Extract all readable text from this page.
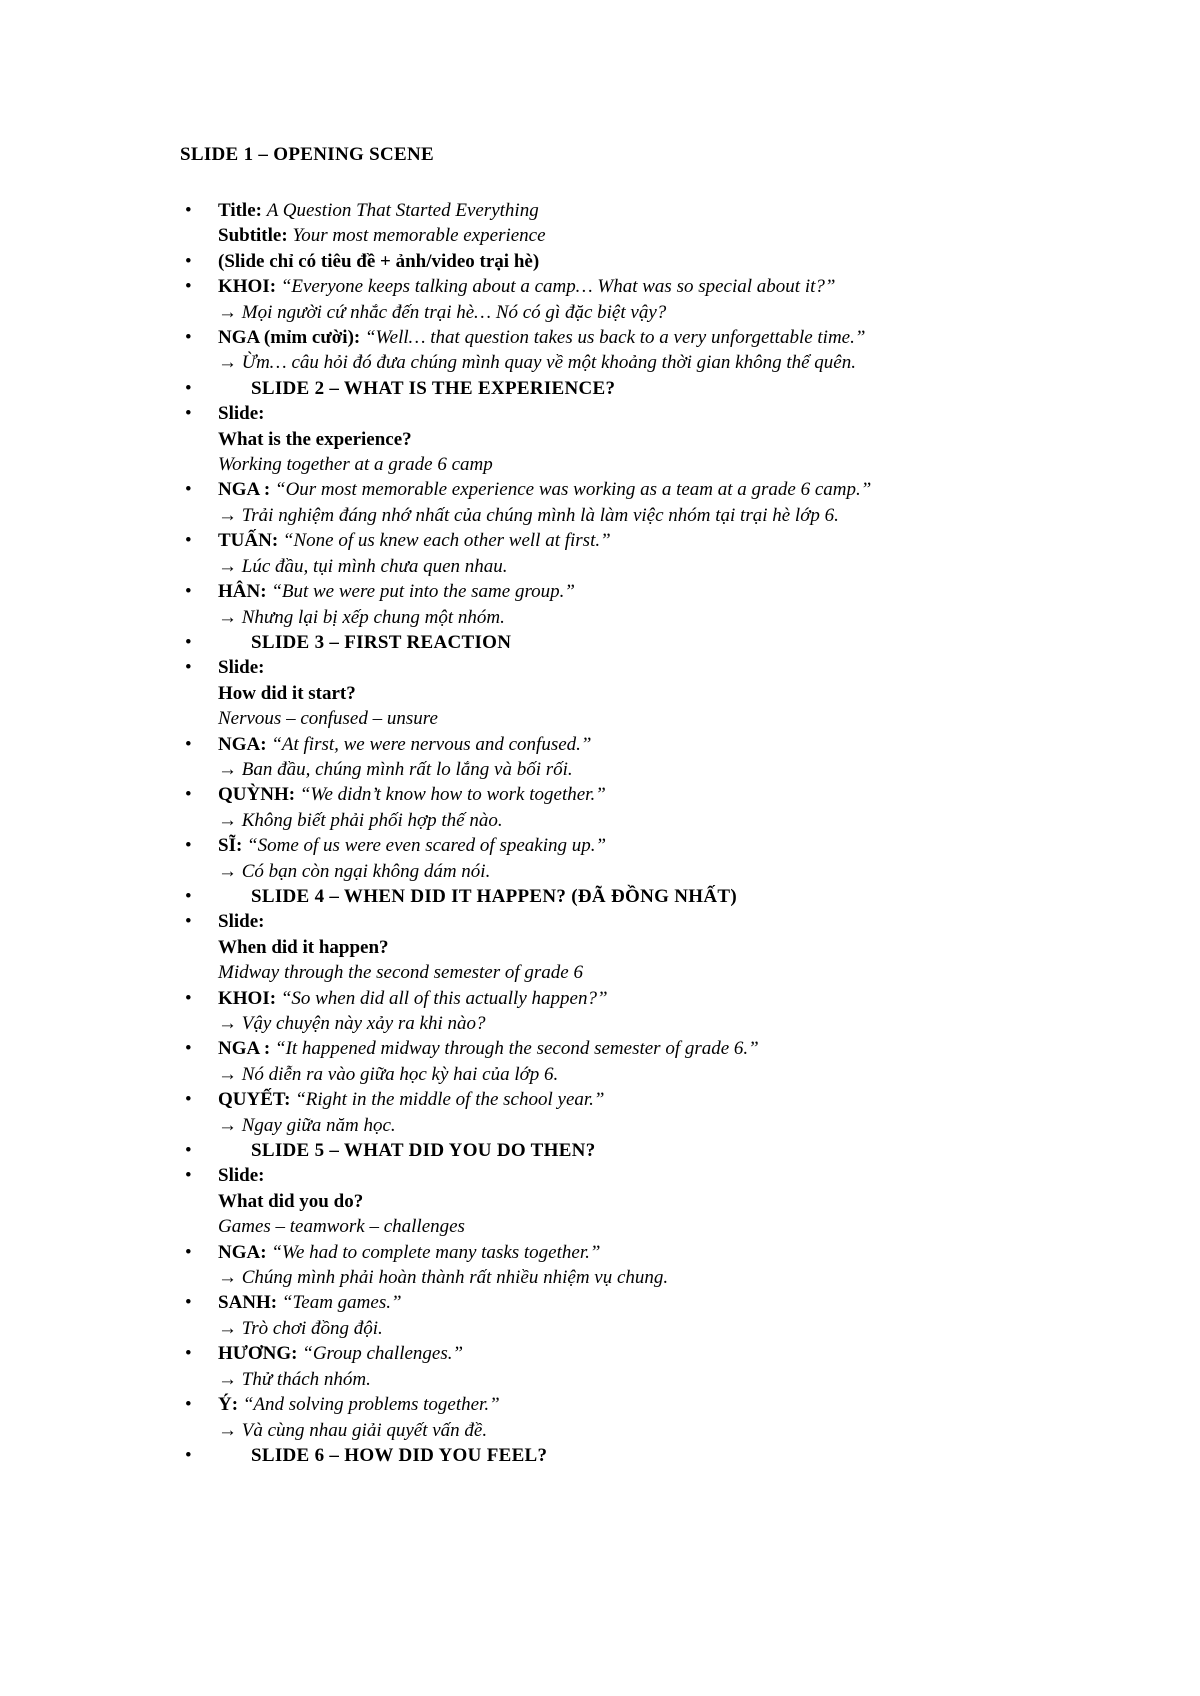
SLIDE 1 – OPENING SCENE
•
Title: A Question That Started Everything
Subtitle: Your most memorable experience
•
(Slide chỉ có tiêu đề + ảnh/video trại hè)
•
KHOI: “Everyone keeps talking about a camp… What was so special about it?”
→ Mọi người cứ nhắc đến trại hè… Nó có gì đặc biệt vậy?
•
NGA (mỉm cười): “Well… that question takes us back to a very unforgettable time.”
→ Ừm… câu hỏi đó đưa chúng mình quay về một khoảng thời gian không thể quên.
•
SLIDE 2 – WHAT IS THE EXPERIENCE?
•
Slide:
What is the experience?
Working together at a grade 6 camp
•
NGA : “Our most memorable experience was working as a team at a grade 6 camp.”
→ Trải nghiệm đáng nhớ nhất của chúng mình là làm việc nhóm tại trại hè lớp 6.
•
TUẤN: “None of us knew each other well at first.”
→ Lúc đầu, tụi mình chưa quen nhau.
•
HÂN: “But we were put into the same group.”
→ Nhưng lại bị xếp chung một nhóm.
•
SLIDE 3 – FIRST REACTION
•
Slide:
How did it start?
Nervous – confused – unsure
•
NGA: “At first, we were nervous and confused.”
→ Ban đầu, chúng mình rất lo lắng và bối rối.
•
QUỲNH: “We didn’t know how to work together.”
→ Không biết phải phối hợp thế nào.
•
SĨ: “Some of us were even scared of speaking up.”
→ Có bạn còn ngại không dám nói.
•
SLIDE 4 – WHEN DID IT HAPPEN? (ĐÃ ĐỒNG NHẤT)
•
Slide:
When did it happen?
Midway through the second semester of grade 6
•
KHOI: “So when did all of this actually happen?”
→ Vậy chuyện này xảy ra khi nào?
•
NGA : “It happened midway through the second semester of grade 6.”
→ Nó diễn ra vào giữa học kỳ hai của lớp 6.
•
QUYẾT: “Right in the middle of the school year.”
→ Ngay giữa năm học.
•
SLIDE 5 – WHAT DID YOU DO THEN?
•
Slide:
What did you do?
Games – teamwork – challenges
•
NGA: “We had to complete many tasks together.”
→ Chúng mình phải hoàn thành rất nhiều nhiệm vụ chung.
•
SANH: “Team games.”
→ Trò chơi đồng đội.
•
HƯƠNG: “Group challenges.”
→ Thử thách nhóm.
•
Ý: “And solving problems together.”
→ Và cùng nhau giải quyết vấn đề.
•
SLIDE 6 – HOW DID YOU FEEL?
